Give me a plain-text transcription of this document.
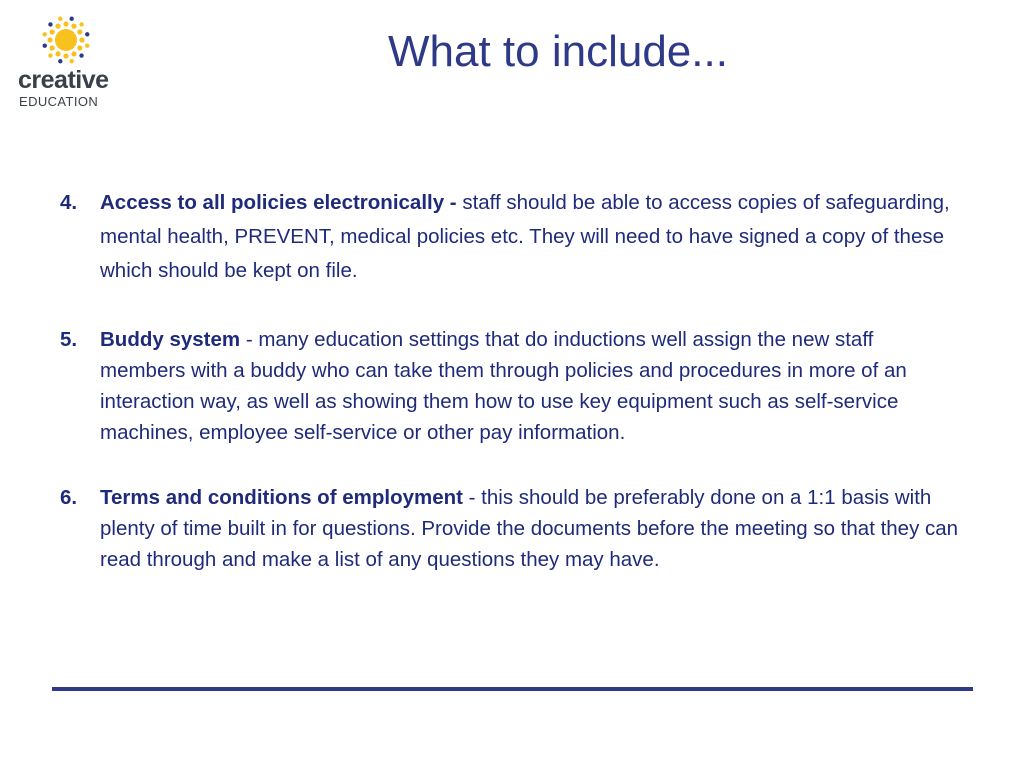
creative
EDUCATION
What to include...
4. Access to all policies electronically - staff should be able to access copies of safeguarding, mental health, PREVENT, medical policies etc. They will need to have signed a copy of these which should be kept on file.
5. Buddy system - many education settings that do inductions well assign the new staff members with a buddy who can take them through policies and procedures in more of an interaction way, as well as showing them how to use key equipment such as self-service machines, employee self-service or other pay information.
6. Terms and conditions of employment - this should be preferably done on a 1:1 basis with plenty of time built in for questions. Provide the documents before the meeting so that they can read through and make a list of any questions they may have.
